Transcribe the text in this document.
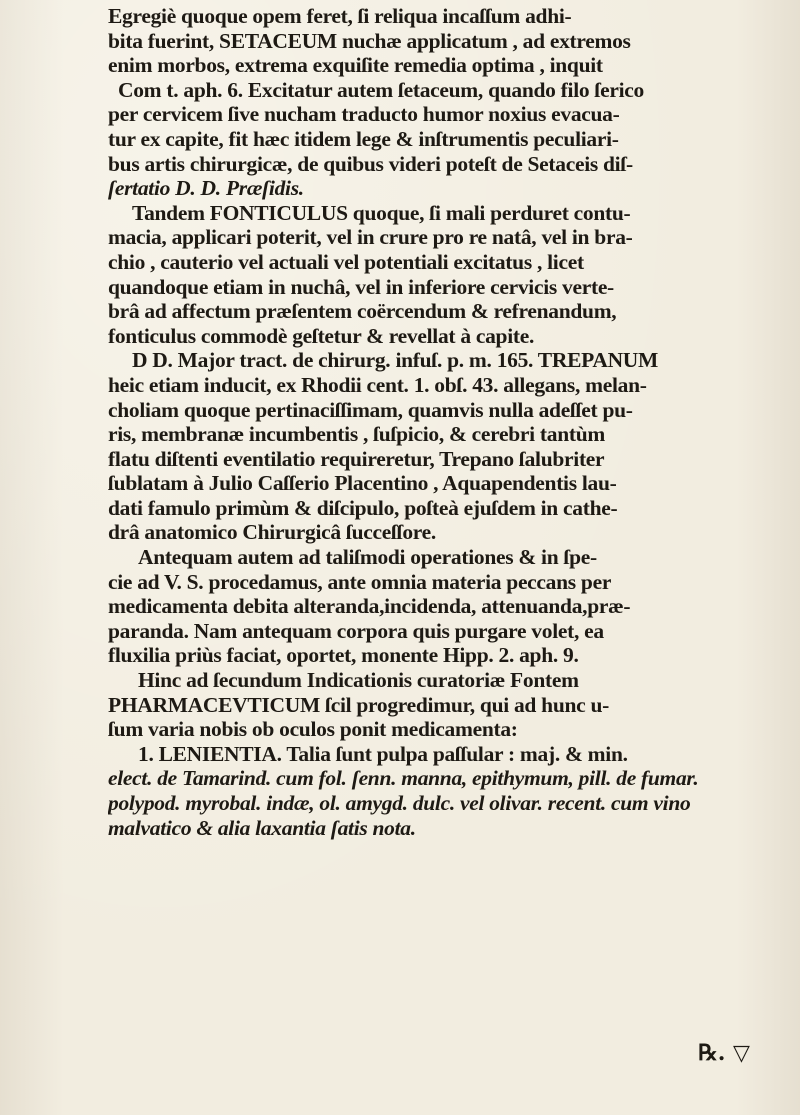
Egregiè quoque opem feret, ſi reliqua incaſſum adhi-
bita fuerint, SETACEUM nuchæ applicatum , ad extremos
enim morbos, extrema exquiſite remedia optima , inquit
Com t. aph. 6. Excitatur autem ſetaceum, quando filo ſerico
per cervicem ſive nucham traducto humor noxius evacua-
tur ex capite, fit hæc itidem lege & inſtrumentis peculiari-
bus artis chirurgicæ, de quibus videri poteſt de Setaceis diſ-
ſertatio D. D. Præſidis.
Tandem FONTICULUS quoque, ſi mali perduret contu-
macia, applicari poterit, vel in crure pro re natâ, vel in bra-
chio , cauterio vel actuali vel potentiali excitatus , licet
quandoque etiam in nuchâ, vel in inferiore cervicis verte-
brâ ad affectum præſentem coërcendum & refrenandum,
fonticulus commodè geſtetur & revellat à capite.
D D. Major tract. de chirurg. infuſ. p. m. 165. TREPANUM
heic etiam inducit, ex Rhodii cent. 1. obſ. 43. allegans, melan-
choliam quoque pertinaciſſimam, quamvis nulla adeſſet pu-
ris, membranæ incumbentis , ſuſpicio, & cerebri tantùm
flatu diſtenti eventilatio requireretur, Trepano ſalubriter
ſublatam à Julio Caſſerio Placentino , Aquapendentis lau-
dati famulo primùm & diſcipulo, poſteà ejuſdem in cathe-
drâ anatomico Chirurgicâ ſucceſſore.
Antequam autem ad taliſmodi operationes & in ſpe-
cie ad V. S. procedamus, ante omnia materia peccans per
medicamenta debita alteranda,incidenda, attenuanda,præ-
paranda. Nam antequam corpora quis purgare volet, ea
fluxilia priùs faciat, oportet, monente Hipp. 2. aph. 9.
Hinc ad ſecundum Indicationis curatoriæ Fontem
PHARMACEVTICUM ſcil progredimur, qui ad hunc u-
ſum varia nobis ob oculos ponit medicamenta:
1. LENIENTIA. Talia ſunt pulpa paſſular : maj. & min.
elect. de Tamarind. cum fol. ſenn. manna, epithymum, pill. de fumar.
polypod. myrobal. indæ, ol. amygd. dulc. vel olivar. recent. cum vino
malvatico & alia laxantia ſatis nota.
℞. ▽
